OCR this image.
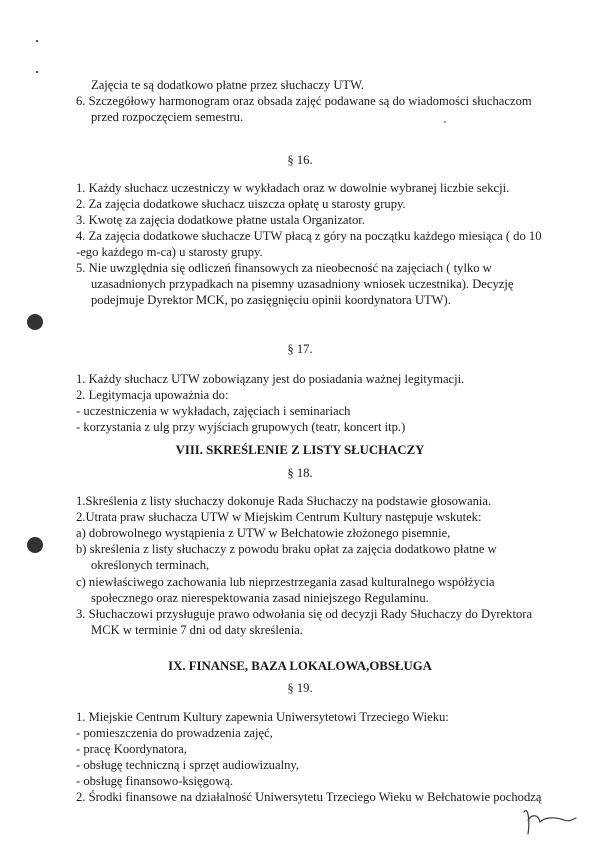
Zajęcia te są dodatkowo płatne przez słuchaczy UTW.
6. Szczegółowy harmonogram oraz obsada zajęć podawane są do wiadomości słuchaczom
przed rozpoczęciem semestru.
§ 16.
1. Każdy słuchacz uczestniczy w wykładach oraz w dowolnie wybranej liczbie sekcji.
2. Za zajęcia dodatkowe słuchacz uiszcza opłatę u starosty grupy.
3. Kwotę za zajęcia dodatkowe płatne ustala Organizator.
4. Za zajęcia dodatkowe słuchacze UTW płacą z góry na początku każdego miesiąca ( do 10
-ego każdego m-ca) u starosty grupy.
5. Nie uwzględnia się odliczeń finansowych za nieobecność na zajęciach ( tylko w
uzasadnionych przypadkach na pisemny uzasadniony wniosek uczestnika). Decyzję
podejmuje Dyrektor MCK, po zasięgnięciu opinii koordynatora UTW).
§ 17.
1. Każdy słuchacz UTW zobowiązany jest do posiadania ważnej legitymacji.
2. Legitymacja upoważnia do:
- uczestniczenia w wykładach, zajęciach i seminariach
- korzystania z ulg przy wyjściach grupowych (teatr, koncert itp.)
VIII. SKREŚLENIE Z LISTY SŁUCHACZY
§ 18.
1.Skreślenia z listy słuchaczy dokonuje Rada Słuchaczy na podstawie głosowania.
2.Utrata praw słuchacza UTW w Miejskim Centrum Kultury następuje wskutek:
a) dobrowolnego wystąpienia z UTW w Bełchatowie złożonego pisemnie,
b) skreślenia z listy słuchaczy z powodu braku opłat za zajęcia dodatkowo płatne w
określonych terminach,
c) niewłaściwego zachowania lub nieprzestrzegania zasad kulturalnego współżycia
społecznego oraz nierespektowania zasad niniejszego Regulaminu.
3. Słuchaczowi przysługuje prawo odwołania się od decyzji Rady Słuchaczy do Dyrektora
MCK w terminie 7 dni od daty skreślenia.
IX. FINANSE, BAZA LOKALOWA,OBSŁUGA
§ 19.
1. Miejskie Centrum Kultury zapewnia Uniwersytetowi Trzeciego Wieku:
- pomieszczenia do prowadzenia zajęć,
- pracę Koordynatora,
- obsługę techniczną i sprzęt audiowizualny,
- obsługę finansowo-księgową.
2. Środki finansowe na działalność Uniwersytetu Trzeciego Wieku w Bełchatowie pochodzą
